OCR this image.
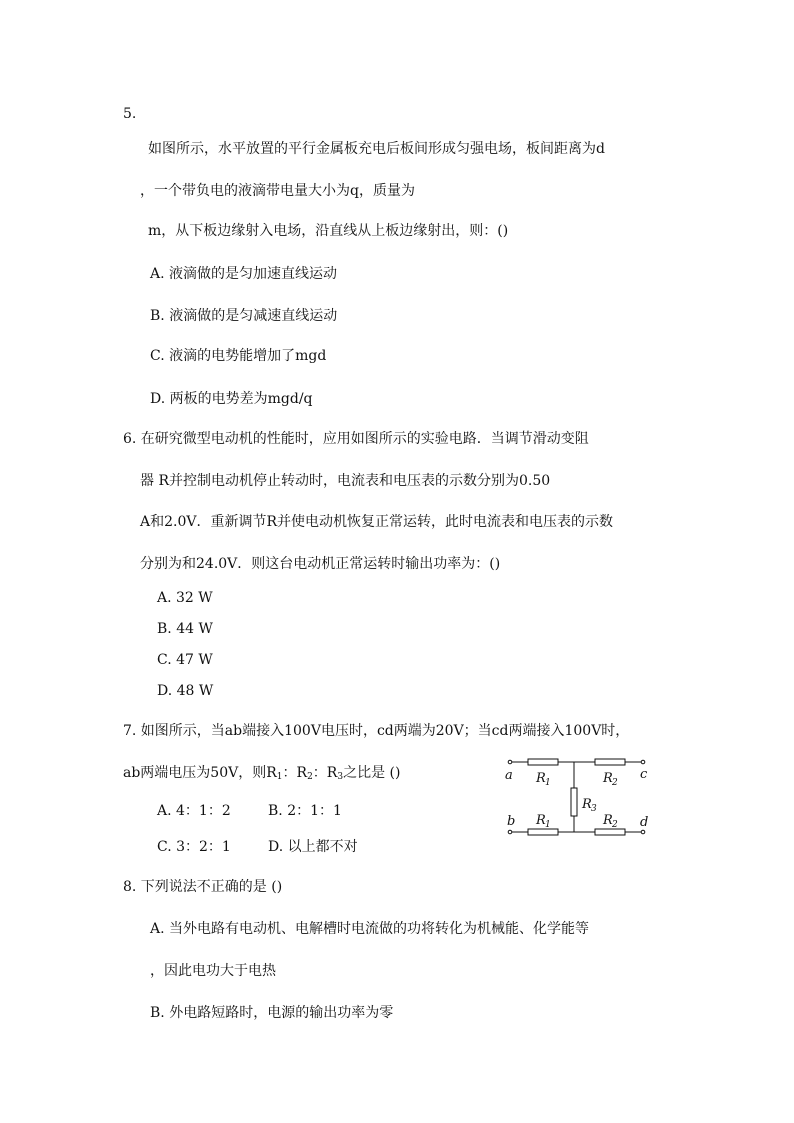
5.
如图所示，水平放置的平行金属板充电后板间形成匀强电场，板间距离为d
，一个带负电的液滴带电量大小为q，质量为
m，从下板边缘射入电场，沿直线从上板边缘射出，则：()
A. 液滴做的是匀加速直线运动
B. 液滴做的是匀减速直线运动
C. 液滴的电势能增加了mgd
D. 两板的电势差为mgd/q
6. 在研究微型电动机的性能时，应用如图所示的实验电路．当调节滑动变阻
器 R并控制电动机停止转动时，电流表和电压表的示数分别为0.50
A和2.0V．重新调节R并使电动机恢复正常运转，此时电流表和电压表的示数
分别为和24.0V．则这台电动机正常运转时输出功率为：()
A. 32 W
B. 44 W
C. 47 W
D. 48 W
7. 如图所示，当ab端接入100V电压时，cd两端为20V；当cd两端接入100V时，
ab两端电压为50V，则$R_1$：$R_2$：$R_3$之比是 ()
A. 4：1：2	B. 2：1：1
C. 3：2：1	D. 以上都不对
a	c
b	d
R 1	R 2
R 3
R 1	R 2
8. 下列说法不正确的是 ()
A. 当外电路有电动机、电解槽时电流做的功将转化为机械能、化学能等
，因此电功大于电热
B. 外电路短路时，电源的输出功率为零
